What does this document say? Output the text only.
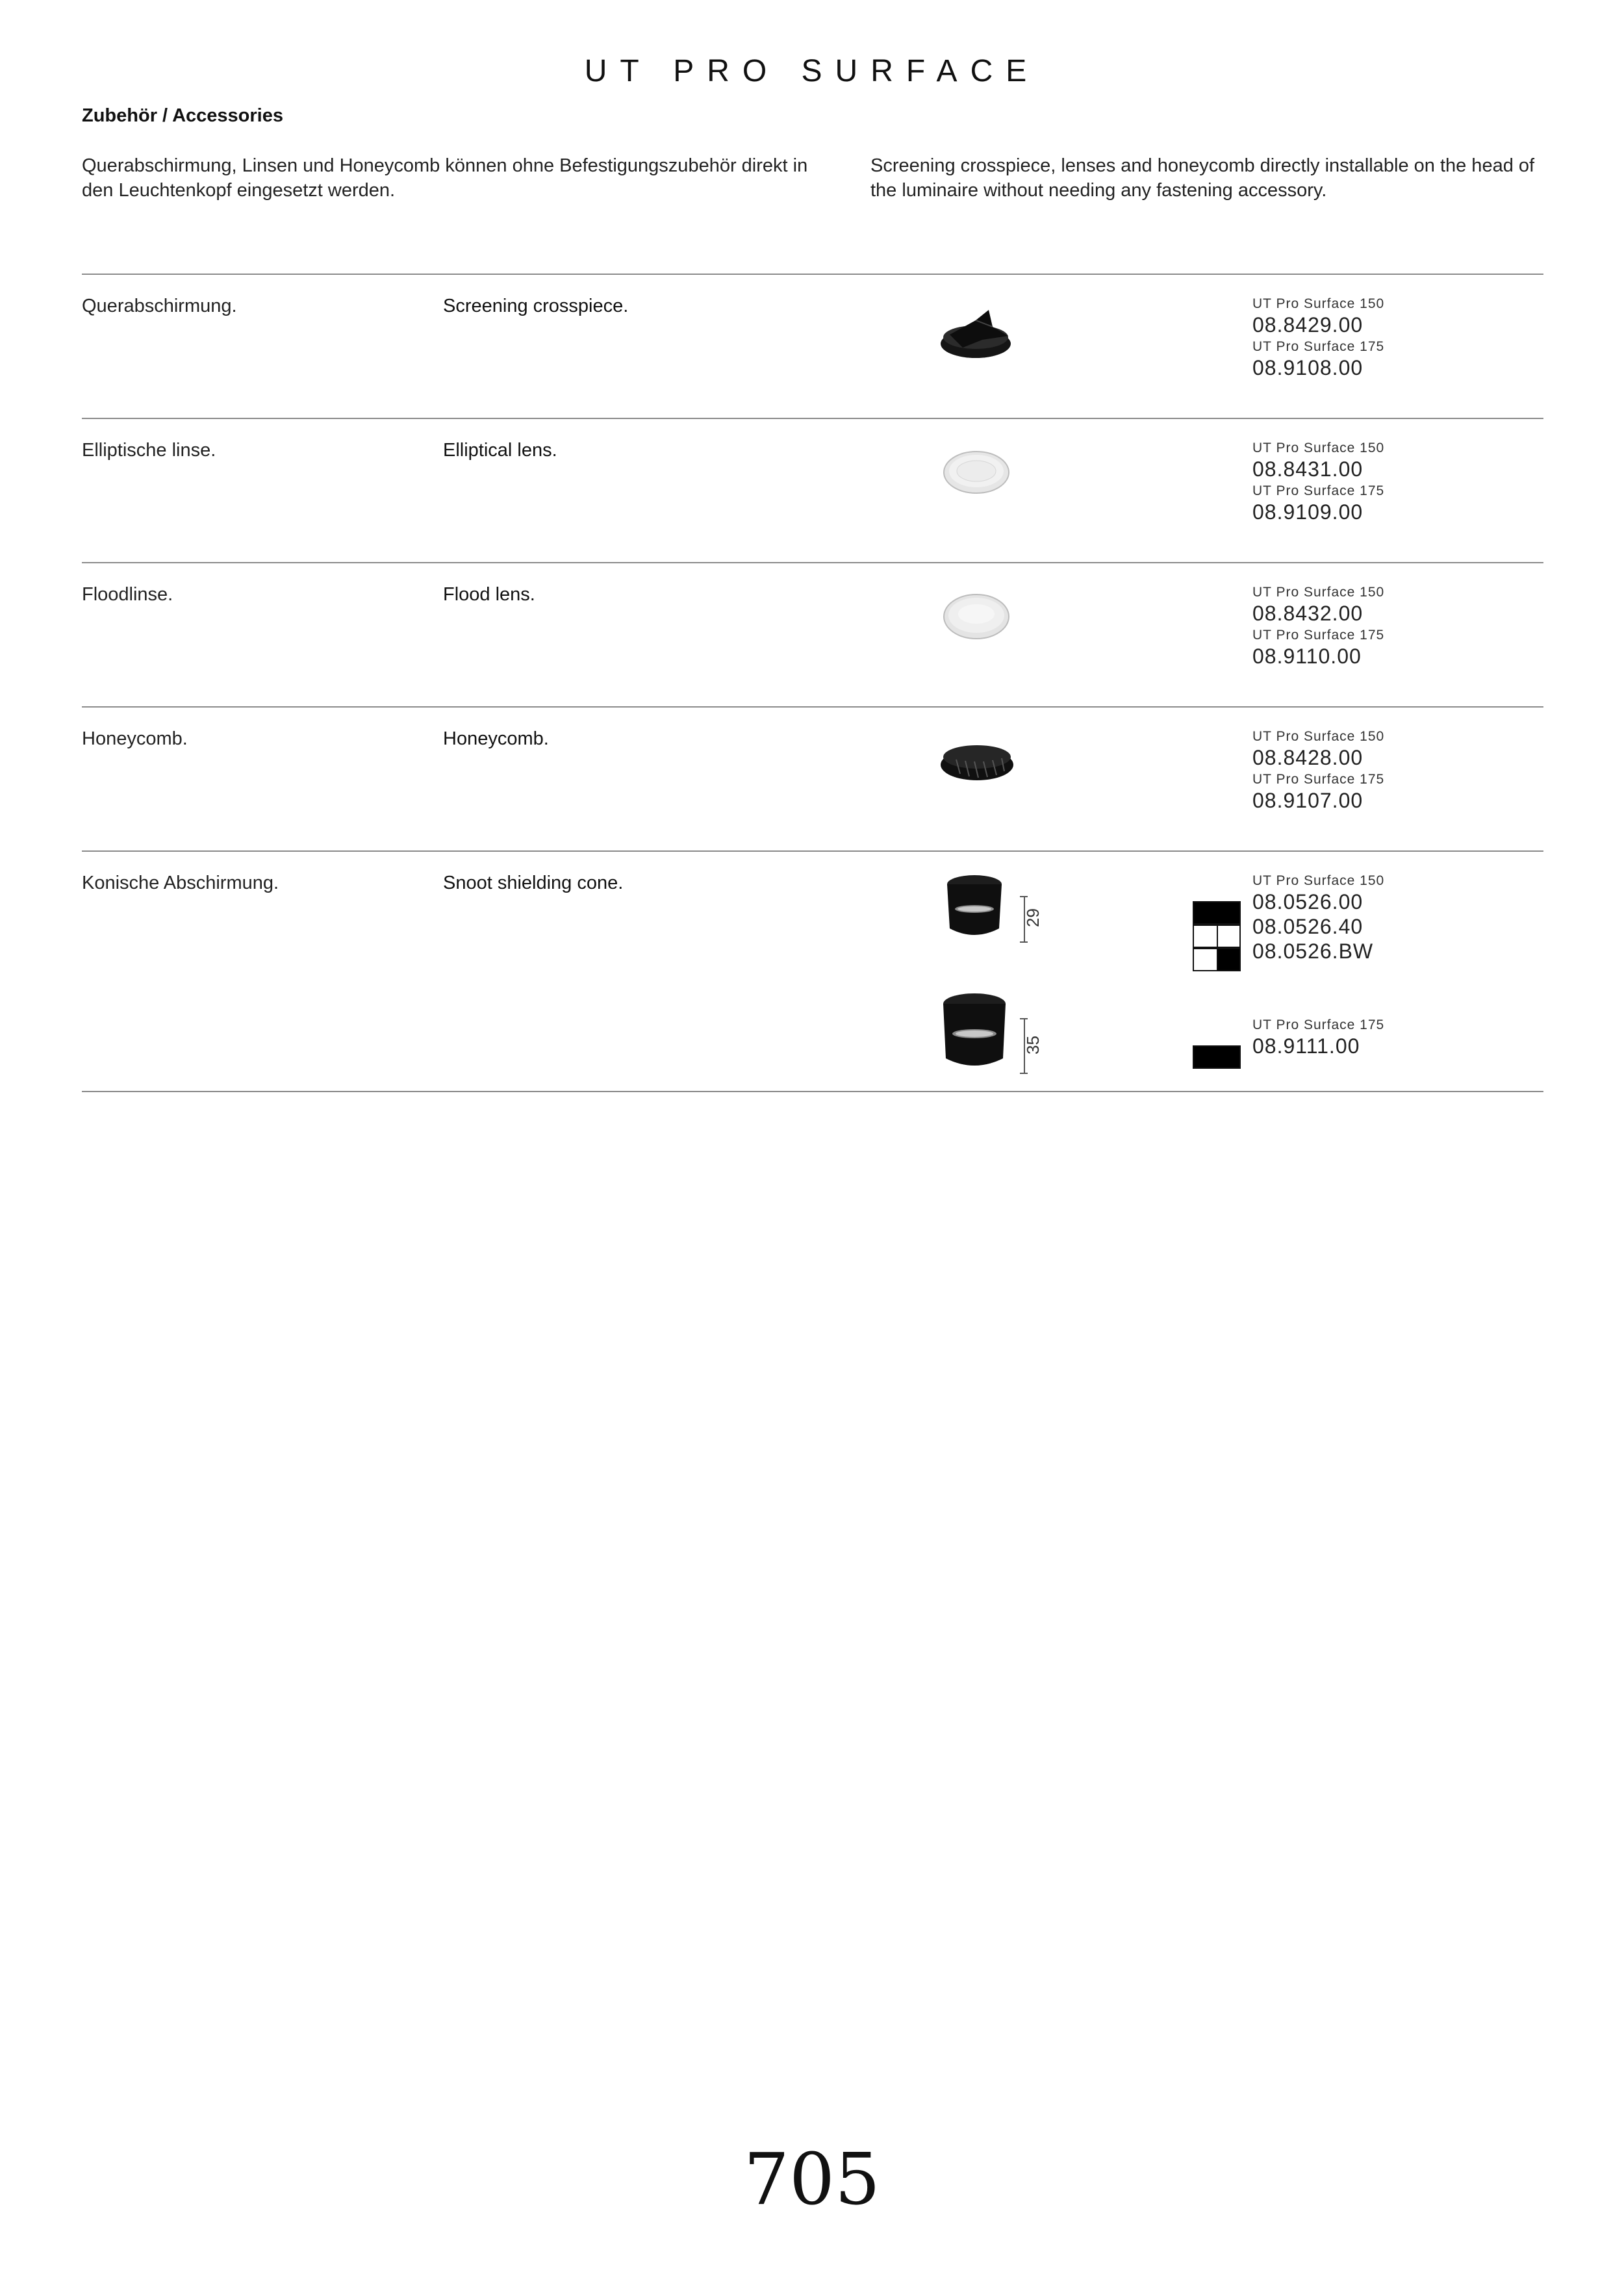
UT PRO SURFACE
Zubehör / Accessories
Querabschirmung, Linsen und Honeycomb können ohne Befestigungszubehör direkt in den Leuchtenkopf eingesetzt werden.
Screening crosspiece, lenses and honeycomb directly installable on the head of the luminaire without needing any fastening accessory.
Querabschirmung.	Screening crosspiece.	UT Pro Surface 150
08.8429.00
UT Pro Surface 175
08.9108.00
Elliptische linse.	Elliptical lens.	UT Pro Surface 150
08.8431.00
UT Pro Surface 175
08.9109.00
Floodlinse.	Flood lens.	UT Pro Surface 150
08.8432.00
UT Pro Surface 175
08.9110.00
Honeycomb.	Honeycomb.	UT Pro Surface 150
08.8428.00
UT Pro Surface 175
08.9107.00
Konische Abschirmung.	Snoot shielding cone.
29
UT Pro Surface 150
08.0526.00
08.0526.40
08.0526.BW
35
UT Pro Surface 175
08.9111.00
705
